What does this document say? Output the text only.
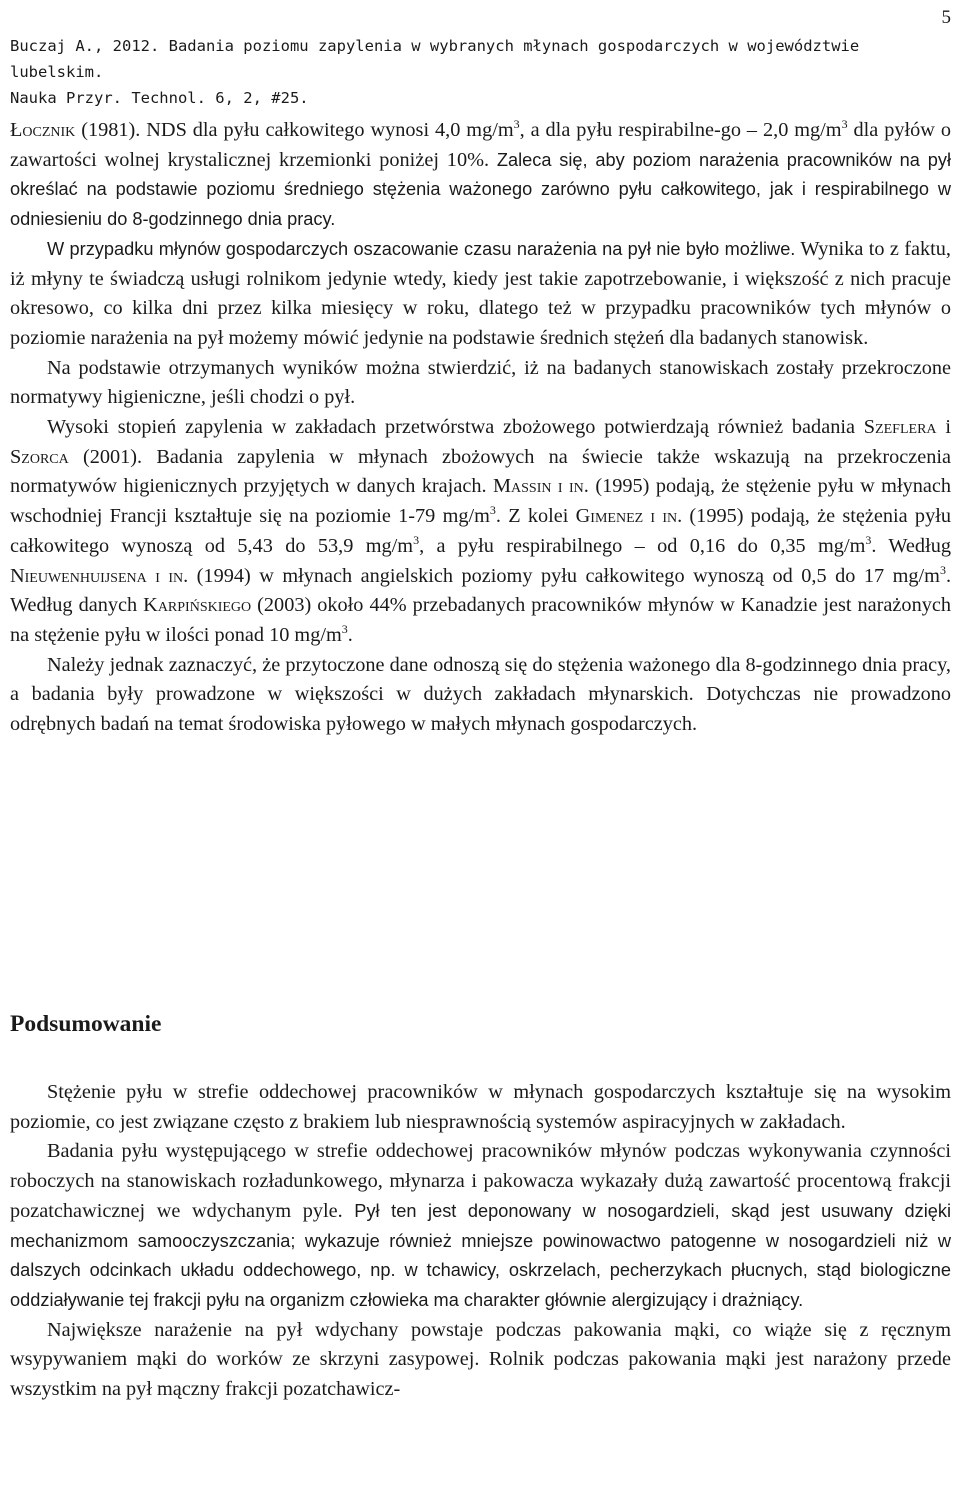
5
Buczaj A., 2012. Badania poziomu zapylenia w wybranych młynach gospodarczych w województwie lubelskim.
Nauka Przyr. Technol. 6, 2, #25.

Łocznik (1981). NDS dla pyłu całkowitego wynosi 4,0 $mg/m^3$, a dla pyłu respirabilne-go – 2,0 $mg/m^3$ dla pyłów o zawartości wolnej krystalicznej krzemionki poniżej 10%. Zaleca się, aby poziom narażenia pracowników na pył określać na podstawie poziomu średniego stężenia ważonego zarówno pyłu całkowitego, jak i respirabilnego w odniesieniu do 8-godzinnego dnia pracy.

W przypadku młynów gospodarczych oszacowanie czasu narażenia na pył nie było możliwe. Wynika to z faktu, iż młyny te świadczą usługi rolnikom jedynie wtedy, kiedy jest takie zapotrzebowanie, i większość z nich pracuje okresowo, co kilka dni przez kilka miesięcy w roku, dlatego też w przypadku pracowników tych młynów o poziomie narażenia na pył możemy mówić jedynie na podstawie średnich stężeń dla badanych stanowisk.

Na podstawie otrzymanych wyników można stwierdzić, iż na badanych stanowiskach zostały przekroczone normatywy higieniczne, jeśli chodzi o pył.

Wysoki stopień zapylenia w zakładach przetwórstwa zbożowego potwierdzają również badania Szeflera i Szorca (2001). Badania zapylenia w młynach zbożowych na świecie także wskazują na przekroczenia normatywów higienicznych przyjętych w danych krajach. Massin i in. (1995) podają, że stężenie pyłu w młynach wschodniej Francji kształtuje się na poziomie 1-79 $mg/m^3$. Z kolei Gimenez i in. (1995) podają, że stężenia pyłu całkowitego wynoszą od 5,43 do 53,9 $mg/m^3$, a pyłu respirabilnego – od 0,16 do 0,35 $mg/m^3$. Według Nieuwenhuijsena i in. (1994) w młynach angielskich poziomy pyłu całkowitego wynoszą od 0,5 do 17 $mg/m^3$. Według danych Karpińskiego (2003) około 44% przebadanych pracowników młynów w Kanadzie jest narażonych na stężenie pyłu w ilości ponad 10 $mg/m^3$.

Należy jednak zaznaczyć, że przytoczone dane odnoszą się do stężenia ważonego dla 8-godzinnego dnia pracy, a badania były prowadzone w większości w dużych zakładach młynarskich. Dotychczas nie prowadzono odrębnych badań na temat środowiska pyłowego w małych młynach gospodarczych.

Podsumowanie

Stężenie pyłu w strefie oddechowej pracowników w młynach gospodarczych kształtuje się na wysokim poziomie, co jest związane często z brakiem lub niesprawnością systemów aspiracyjnych w zakładach.

Badania pyłu występującego w strefie oddechowej pracowników młynów podczas wykonywania czynności roboczych na stanowiskach rozładunkowego, młynarza i pakowacza wykazały dużą zawartość procentową frakcji pozatchawicznej we wdychanym pyle. Pył ten jest deponowany w nosogardzieli, skąd jest usuwany dzięki mechanizmom samooczyszczania; wykazuje również mniejsze powinowactwo patogenne w nosogardzieli niż w dalszych odcinkach układu oddechowego, np. w tchawicy, oskrzelach, pecherzykach płucnych, stąd biologiczne oddziaływanie tej frakcji pyłu na organizm człowieka ma charakter głównie alergizujący i drażniący.

Największe narażenie na pył wdychany powstaje podczas pakowania mąki, co wiąże się z ręcznym wsypywaniem mąki do worków ze skrzyni zasypowej. Rolnik podczas pakowania mąki jest narażony przede wszystkim na pył mączny frakcji pozatchawicz-
